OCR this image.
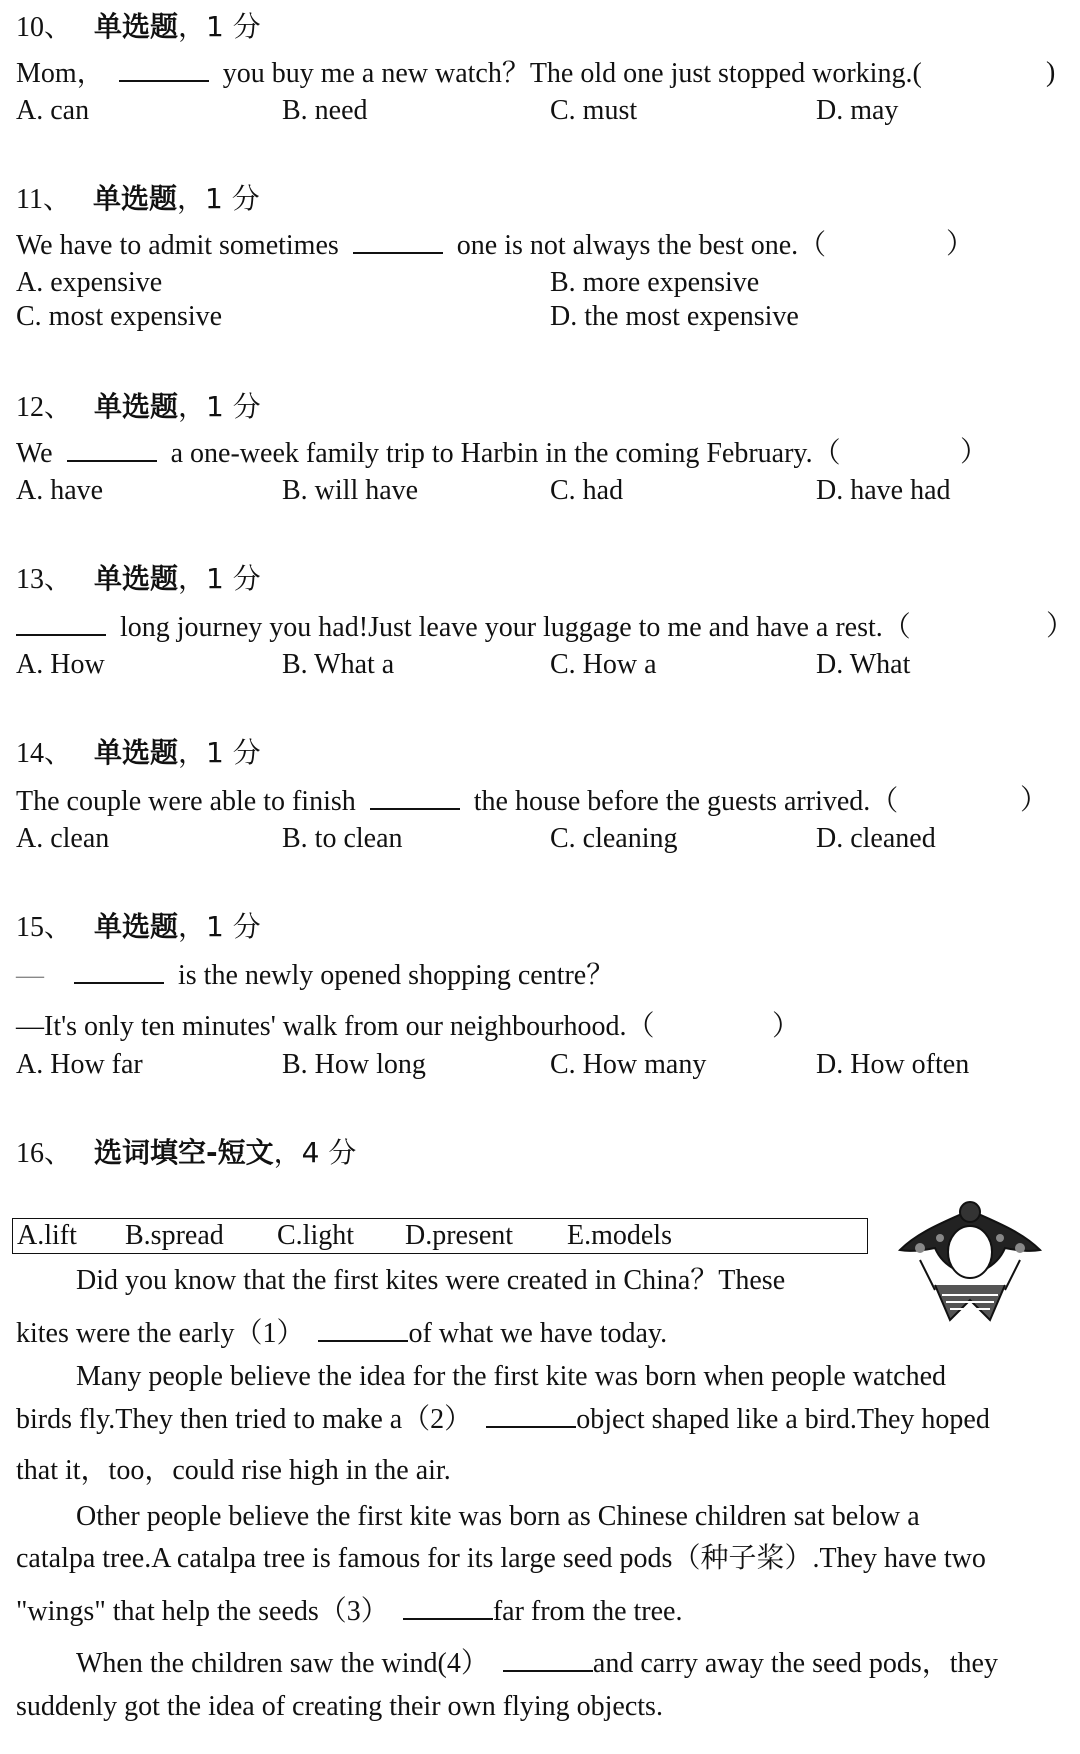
10、 单选题，1 分
Mom，	you buy me a new watch？The old one just stopped working.(	)
A. can	B. need	C. must	D. may
11、 单选题，1 分
We have to admit sometimes	one is not always the best one.（	）
A. expensive	B. more expensive
C. most expensive	D. the most expensive
12、 单选题，1 分
We	a one-week family trip to Harbin in the coming February.（	）
A. have	B. will have	C. had	D. have had
13、 单选题，1 分
long journey you had!Just leave your luggage to me and have a rest.（	）
A. How	B. What a	C. How a	D. What
14、 单选题，1 分
The couple were able to finish	the house before the guests arrived.（	）
A. clean	B. to clean	C. cleaning	D. cleaned
15、 单选题，1 分
—	is the newly opened shopping centre？
—It's only ten minutes' walk from our neighbourhood.（	）
A. How far	B. How long	C. How many	D. How often
16、 选词填空-短文，4 分
A.lift B.spread C.light D.present E.models
Did you know that the first kites were created in China？These
kites were the early（1）	of what we have today.
Many people believe the idea for the first kite was born when people watched
birds fly.They then tried to make a（2）	object shaped like a bird.They hoped
that it，too，could rise high in the air.
Other people believe the first kite was born as Chinese children sat below a
catalpa tree.A catalpa tree is famous for its large seed pods（种子桨）.They have two
"wings" that help the seeds（3）	far from the tree.
When the children saw the wind(4）	and carry away the seed pods，they
suddenly got the idea of creating their own flying objects.
